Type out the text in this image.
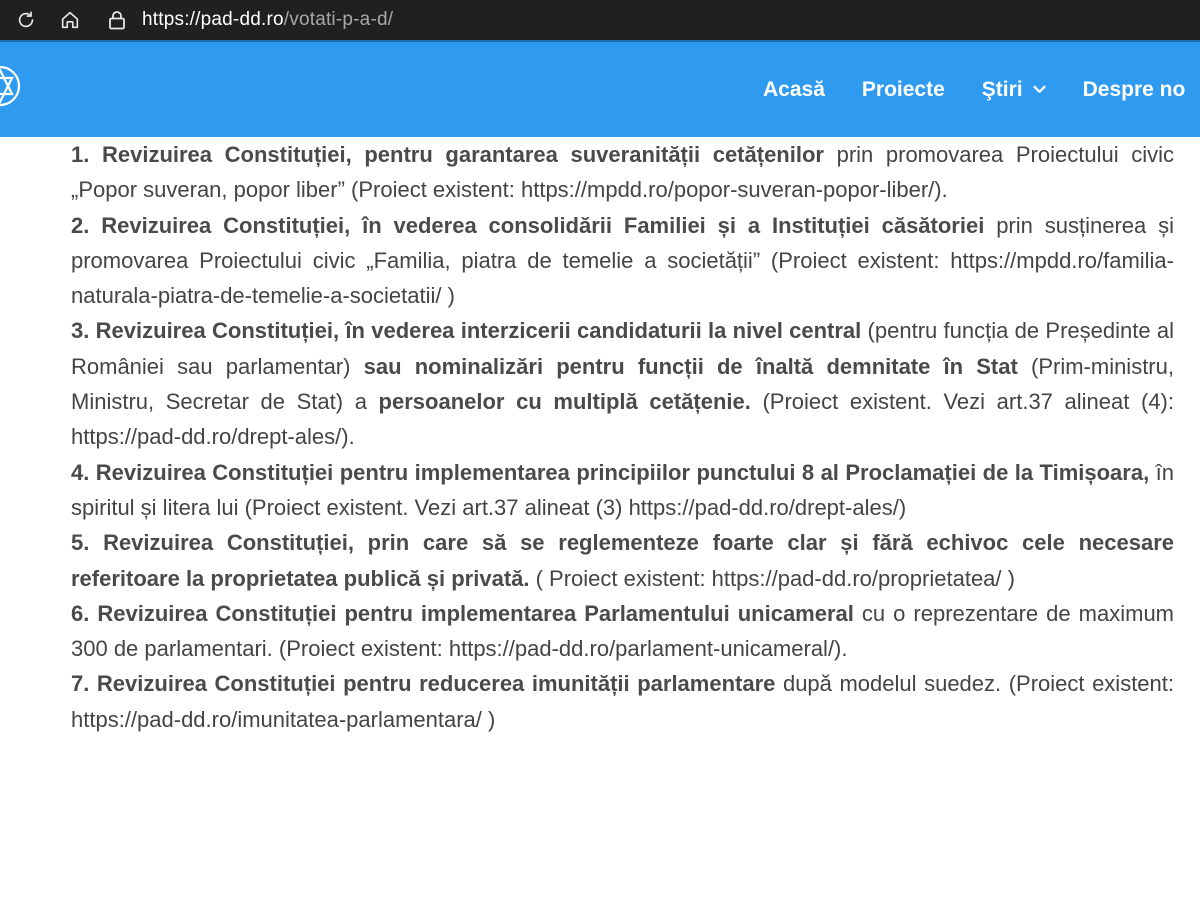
https://pad-dd.ro /votati-p-a-d/
Acasă Proiecte Ştiri	Despre no

1. Revizuirea Constituției, pentru garantarea suveranității cetățenilor prin promovarea Proiectului civic „Popor suveran, popor liber” (Proiect existent: https://mpdd.ro/popor-suveran-popor-liber/).

2. Revizuirea Constituției, în vederea consolidării Familiei și a Instituției căsătoriei prin susținerea și promovarea Proiectului civic „Familia, piatra de temelie a societății” (Proiect existent: https://mpdd.ro/familia-naturala-piatra-de-temelie-a-societatii/ )

3. Revizuirea Constituției, în vederea interzicerii candidaturii la nivel central (pentru funcția de Președinte al României sau parlamentar) sau nominalizări pentru funcții de înaltă demnitate în Stat (Prim-ministru, Ministru, Secretar de Stat) a persoanelor cu multiplă cetățenie. (Proiect existent. Vezi art.37 alineat (4): https://pad-dd.ro/drept-ales/).

4. Revizuirea Constituției pentru implementarea principiilor punctului 8 al Proclamației de la Timișoara, în spiritul și litera lui (Proiect existent. Vezi art.37 alineat (3) https://pad-dd.ro/drept-ales/)

5. Revizuirea Constituției, prin care să se reglementeze foarte clar și fără echivoc cele necesare referitoare la proprietatea publică și privată. ( Proiect existent: https://pad-dd.ro/proprietatea/ )

6. Revizuirea Constituției pentru implementarea Parlamentului unicameral cu o reprezentare de maximum 300 de parlamentari. (Proiect existent: https://pad-dd.ro/parlament-unicameral/).

7. Revizuirea Constituției pentru reducerea imunității parlamentare după modelul suedez. (Proiect existent: https://pad-dd.ro/imunitatea-parlamentara/ )
